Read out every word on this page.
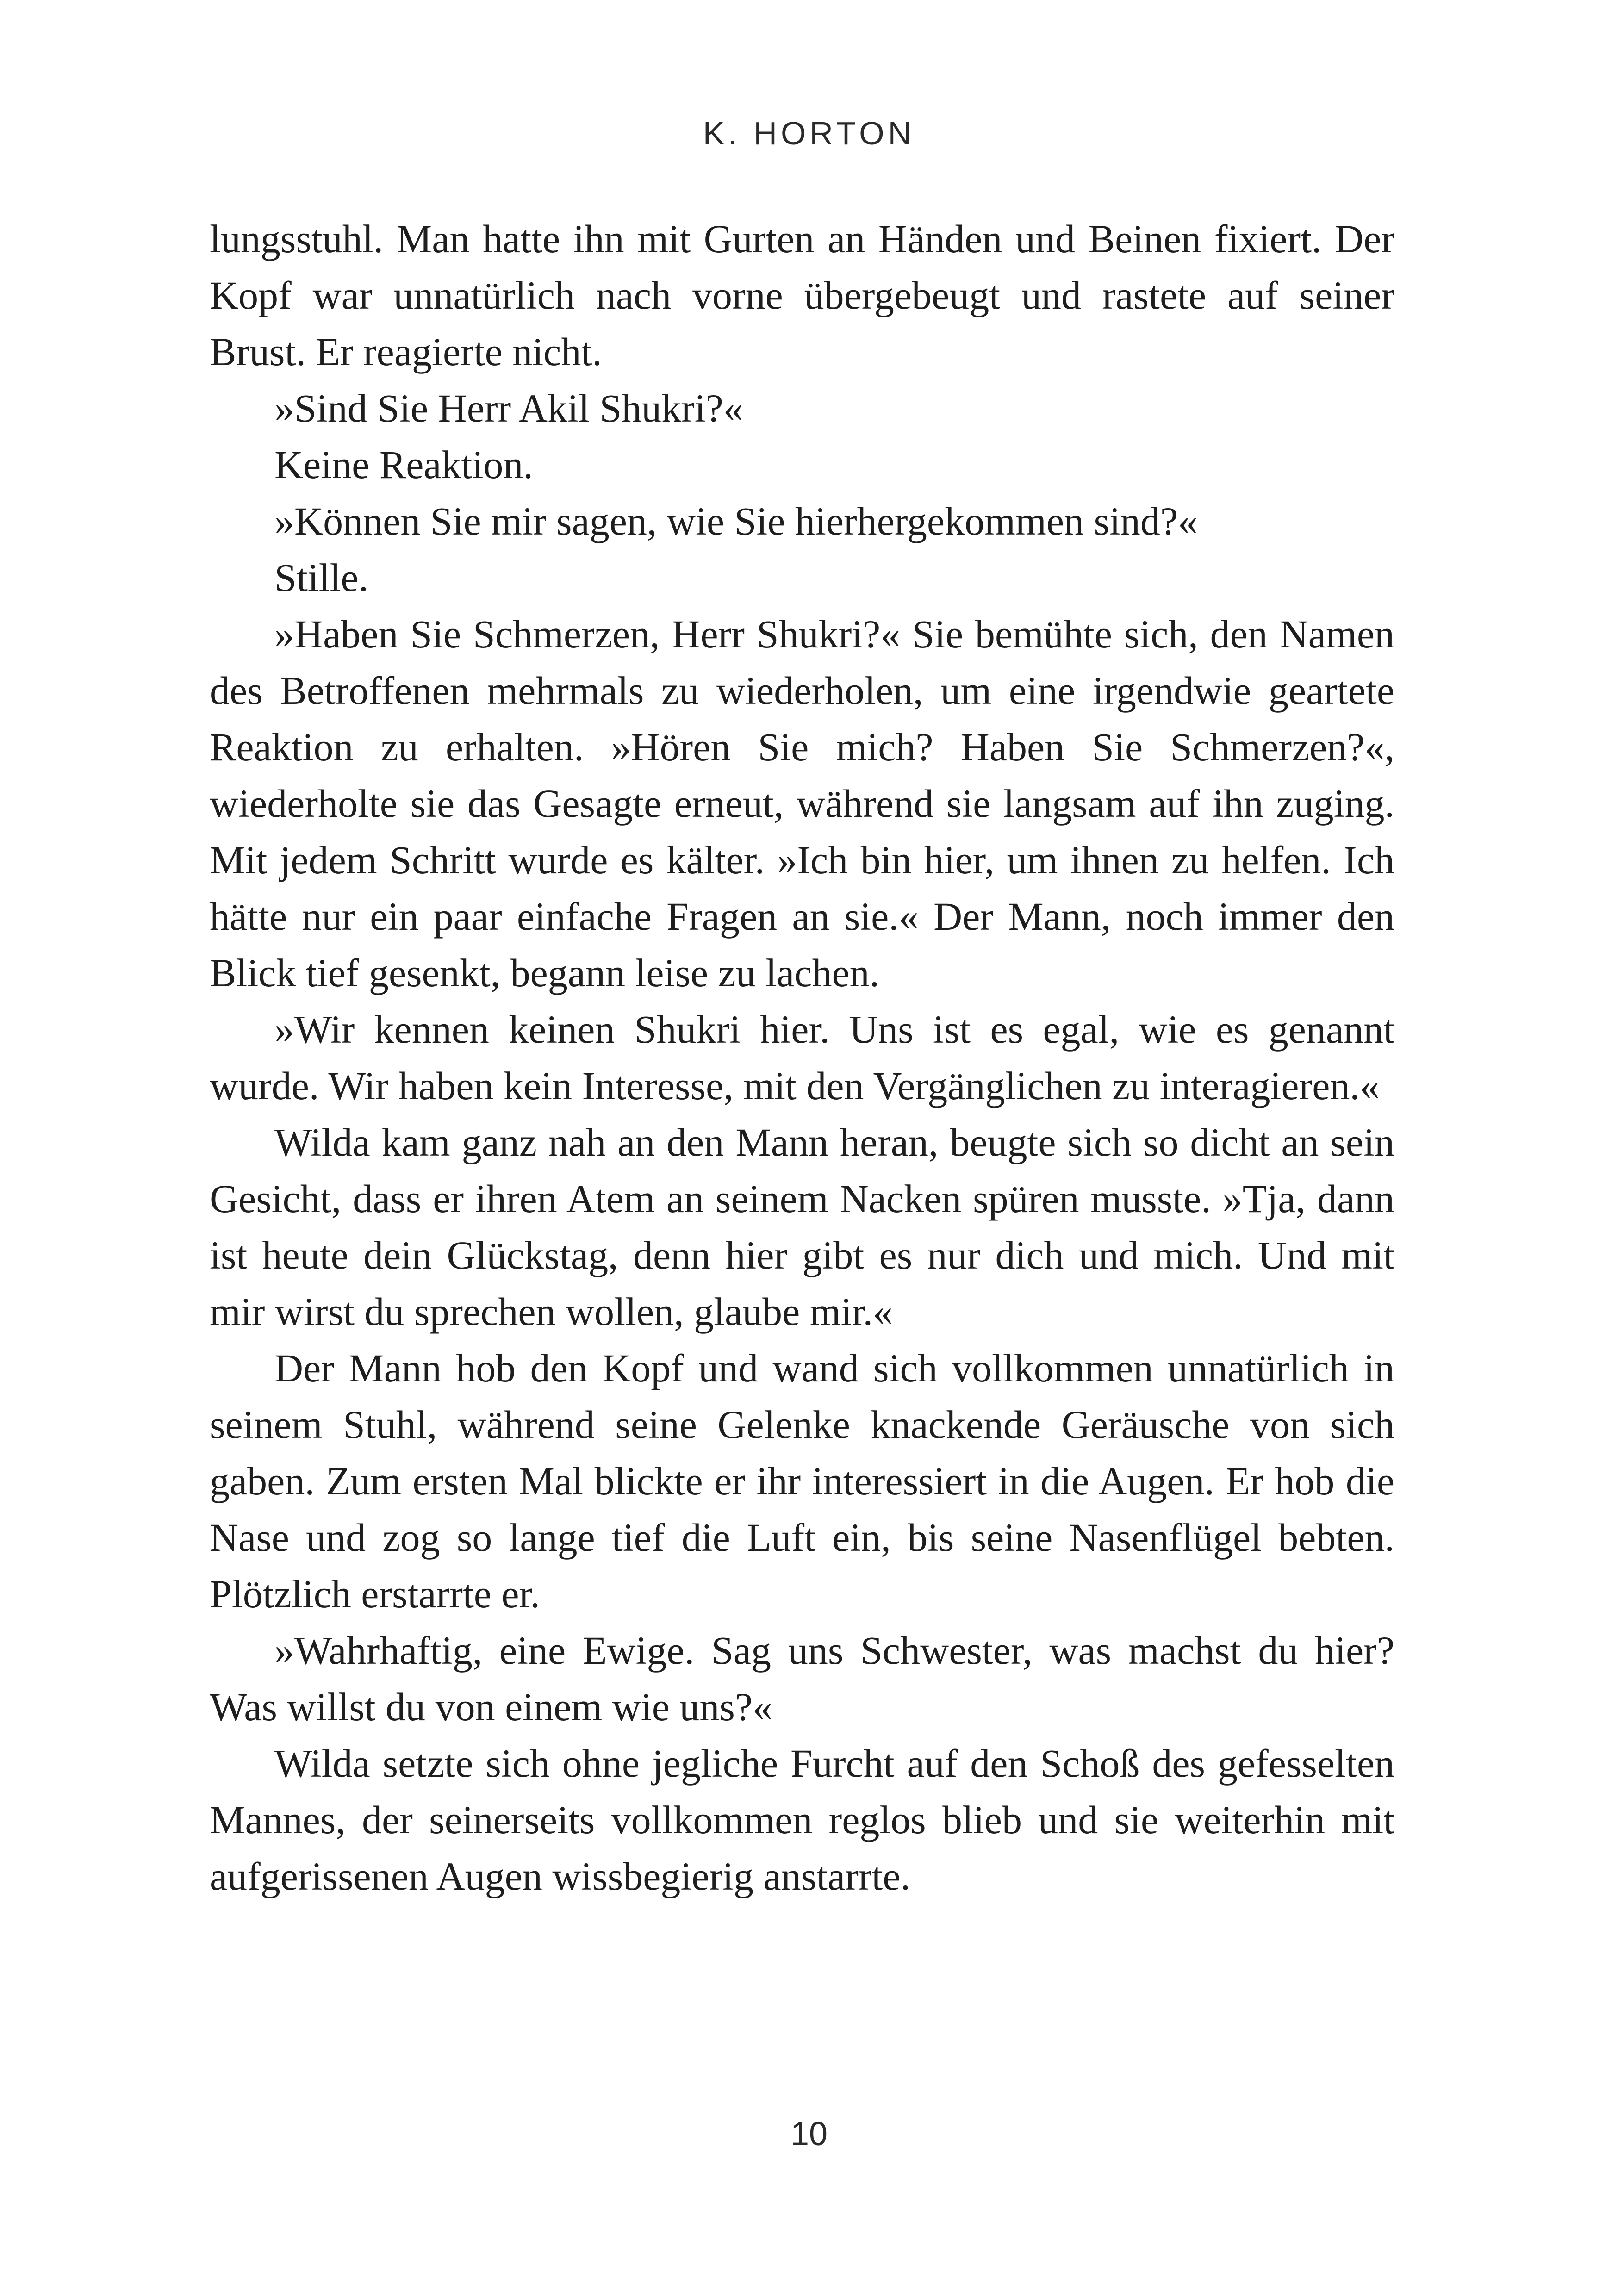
K. HORTON

lungsstuhl. Man hatte ihn mit Gurten an Händen und Beinen fixiert. Der Kopf war unnatürlich nach vorne übergebeugt und rastete auf seiner Brust. Er reagierte nicht.

»Sind Sie Herr Akil Shukri?«

Keine Reaktion.

»Können Sie mir sagen, wie Sie hierhergekommen sind?«

Stille.

»Haben Sie Schmerzen, Herr Shukri?« Sie bemühte sich, den Namen des Betroffenen mehrmals zu wiederholen, um eine irgendwie geartete Reaktion zu erhalten. »Hören Sie mich? Haben Sie Schmerzen?«, wiederholte sie das Gesagte erneut, während sie langsam auf ihn zuging. Mit jedem Schritt wurde es kälter. »Ich bin hier, um ihnen zu helfen. Ich hätte nur ein paar einfache Fragen an sie.« Der Mann, noch immer den Blick tief gesenkt, begann leise zu lachen.

»Wir kennen keinen Shukri hier. Uns ist es egal, wie es genannt wurde. Wir haben kein Interesse, mit den Vergänglichen zu interagieren.«

Wilda kam ganz nah an den Mann heran, beugte sich so dicht an sein Gesicht, dass er ihren Atem an seinem Nacken spüren musste. »Tja, dann ist heute dein Glückstag, denn hier gibt es nur dich und mich. Und mit mir wirst du sprechen wollen, glaube mir.«

Der Mann hob den Kopf und wand sich vollkommen unnatürlich in seinem Stuhl, während seine Gelenke knackende Geräusche von sich gaben. Zum ersten Mal blickte er ihr interessiert in die Augen. Er hob die Nase und zog so lange tief die Luft ein, bis seine Nasenflügel bebten. Plötzlich erstarrte er.

»Wahrhaftig, eine Ewige. Sag uns Schwester, was machst du hier? Was willst du von einem wie uns?«

Wilda setzte sich ohne jegliche Furcht auf den Schoß des gefesselten Mannes, der seinerseits vollkommen reglos blieb und sie weiterhin mit aufgerissenen Augen wissbegierig anstarrte.

10
